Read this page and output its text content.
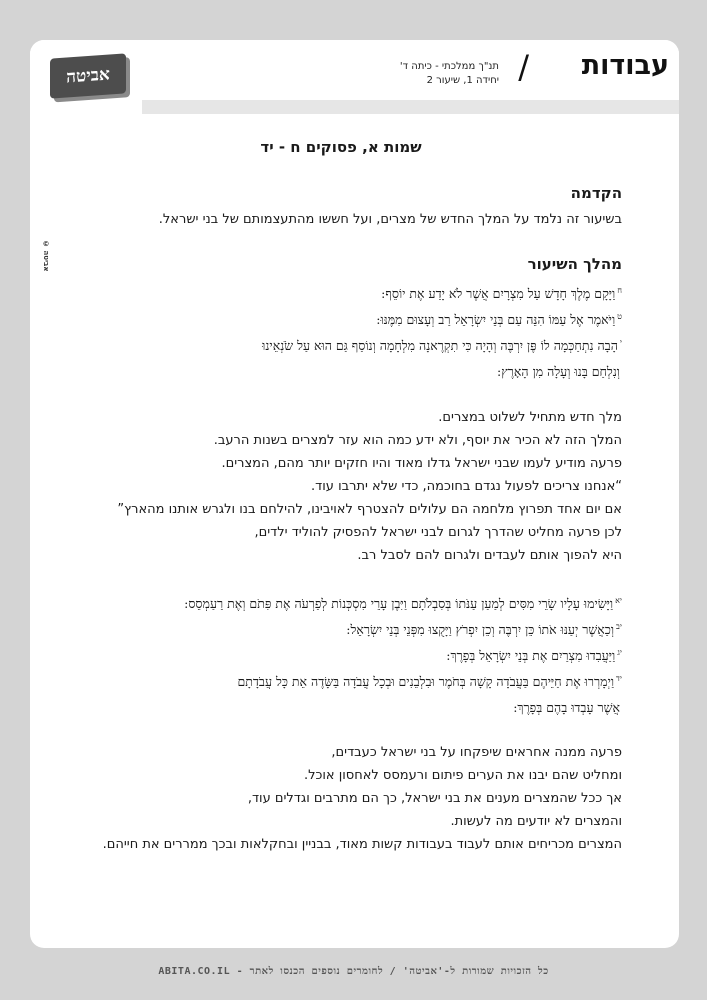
אביטה	עבודות
/
תנ"ך ממלכתי - כיתה ד'
יחידה 1, שיעור 2
© אביטה
שמות א, פסוקים ח - יד
הקדמה

בשיעור זה נלמד על המלך החדש של מצרים, ועל חששו מהתעצמותם של בני ישראל.

מהלך השיעור

$^ח$וַיָּקָם מֶלֶךְ חָדָשׁ עַל מִצְרָיִם אֲשֶׁר לֹא יָדַע אֶת יוֹסֵף:

$^ט$וַיֹּאמֶר אֶל עַמּוֹ הִנֵּה עַם בְּנֵי יִשְׂרָאֵל רַב וְעָצוּם מִמֶּנּוּ:

$^י$הָבָה נִתְחַכְּמָה לוֹ פֶּן יִרְבֶּה וְהָיָה כִּי תִקְרֶאנָה מִלְחָמָה וְנוֹסַף גַּם הוּא עַל שֹׂנְאֵינוּ

וְנִלְחַם בָּנוּ וְעָלָה מִן הָאָרֶץ:

מלך חדש מתחיל לשלוט במצרים.

המלך הזה לא הכיר את יוסף, ולא ידע כמה הוא עזר למצרים בשנות הרעב.

פרעה מודיע לעמו שבני ישראל גדלו מאוד והיו חזקים יותר מהם, המצרים.

“אנחנו צריכים לפעול נגדם בחוכמה, כדי שלא יתרבו עוד.

אם יום אחד תפרוץ מלחמה הם עלולים להצטרף לאויבינו, להילחם בנו ולגרש אותנו מהארץ”

לכן פרעה מחליט שהדרך לגרום לבני ישראל להפסיק להוליד ילדים,

היא להפוך אותם לעבדים ולגרום להם לסבל רב.

$^{יא}$וַיָּשִׂימוּ עָלָיו שָׂרֵי מִסִּים לְמַעַן עַנֹּתוֹ בְּסִבְלֹתָם וַיִּבֶן עָרֵי מִסְכְּנוֹת לְפַרְעֹה אֶת פִּתֹם וְאֶת רַעַמְסֵס:

$^{יב}$וְכַאֲשֶׁר יְעַנּוּ אֹתוֹ כֵּן יִרְבֶּה וְכֵן יִפְרֹץ וַיָּקֻצוּ מִפְּנֵי בְּנֵי יִשְׂרָאֵל:

$^{יג}$וַיַּעֲבִדוּ מִצְרַיִם אֶת בְּנֵי יִשְׂרָאֵל בְּפָרֶךְ:

$^{יד}$וַיְמָרְרוּ אֶת חַיֵּיהֶם בַּעֲבֹדָה קָשָׁה בְּחֹמֶר וּבִלְבֵנִים וּבְכָל עֲבֹדָה בַּשָּׂדֶה אֵת כָּל עֲבֹדָתָם

אֲשֶׁר עָבְדוּ בָהֶם בְּפָרֶךְ:

פרעה ממנה אחראים שיפקחו על בני ישראל כעבדים,

ומחליט שהם יבנו את הערים פיתום ורעמסס לאחסון אוכל.

אך ככל שהמצרים מענים את בני ישראל, כך הם מתרבים וגדלים עוד,

והמצרים לא יודעים מה לעשות.

המצרים מכריחים אותם לעבוד בעבודות קשות מאוד, בבניין ובחקלאות ובכך ממררים את חייהם.

כל הזכויות שמורות ל-'אביטה' / לחומרים נוספים הכנסו לאתר - ABITA.CO.IL
